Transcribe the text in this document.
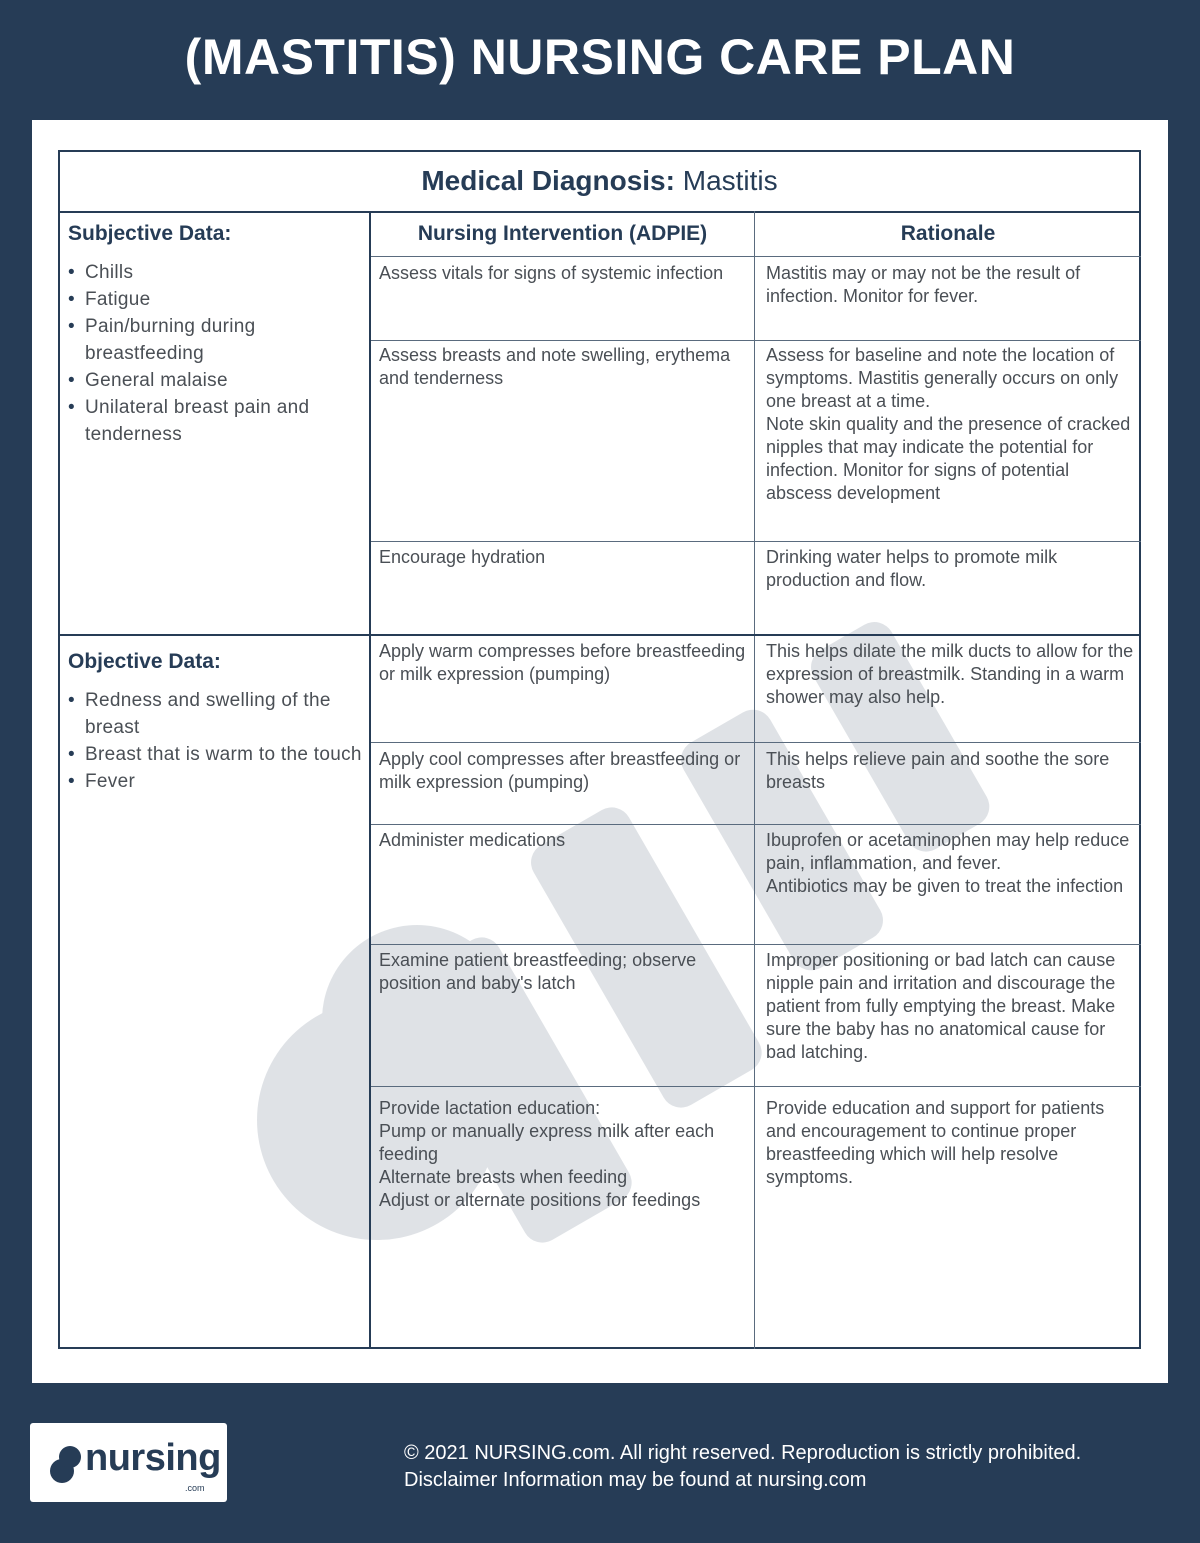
(MASTITIS) NURSING CARE PLAN
Medical Diagnosis: Mastitis
Nursing Intervention (ADPIE)	Rationale

Subjective Data:

• Chills
• Fatigue
• Pain/burning during breastfeeding
• General malaise
• Unilateral breast pain and tenderness

Objective Data:

• Redness and swelling of the breast
• Breast that is warm to the touch
• Fever
Assess vitals for signs of systemic infection
Assess breasts and note swelling, erythema and tenderness
Encourage hydration
Apply warm compresses before breastfeeding or milk expression (pumping)
Apply cool compresses after breastfeeding or milk expression (pumping)
Administer medications
Examine patient breastfeeding; observe position and baby's latch
Provide lactation education:
Pump or manually express milk after each feeding
Alternate breasts when feeding
Adjust or alternate positions for feedings
Mastitis may or may not be the result of infection. Monitor for fever.
Assess for baseline and note the location of symptoms. Mastitis generally occurs on only one breast at a time.
Note skin quality and the presence of cracked nipples that may indicate the potential for infection. Monitor for signs of potential abscess development
Drinking water helps to promote milk production and flow.
This helps dilate the milk ducts to allow for the expression of breastmilk. Standing in a warm shower may also help.
This helps relieve pain and soothe the sore breasts
Ibuprofen or acetaminophen may help reduce pain, inflammation, and fever.
Antibiotics may be given to treat the infection
Improper positioning or bad latch can cause nipple pain and irritation and discourage the patient from fully emptying the breast. Make sure the baby has no anatomical cause for bad latching.
Provide education and support for patients and encouragement to continue proper breastfeeding which will help resolve symptoms.
nursing
.com
© 2021 NURSING.com. All right reserved. Reproduction is strictly prohibited.
Disclaimer Information may be found at nursing.com
